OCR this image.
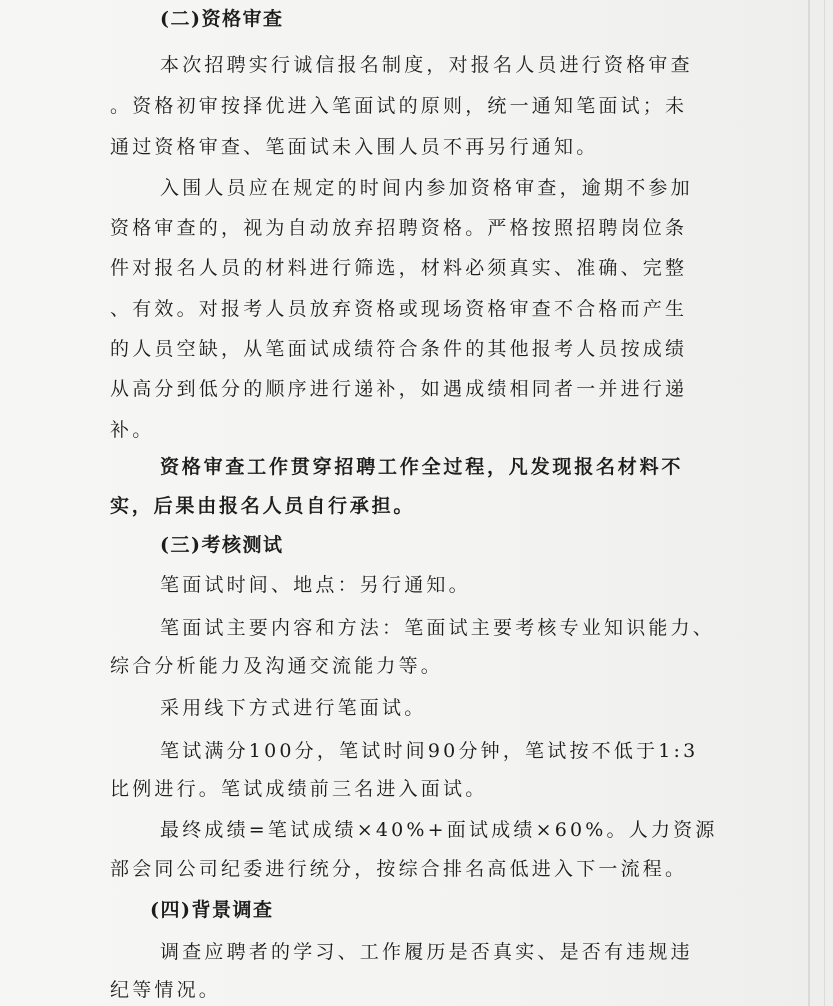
(二)资格审查
本次招聘实行诚信报名制度，对报名人员进行资格审查
。资格初审按择优进入笔面试的原则，统一通知笔面试；未
通过资格审查、笔面试未入围人员不再另行通知。
入围人员应在规定的时间内参加资格审查，逾期不参加
资格审查的，视为自动放弃招聘资格。严格按照招聘岗位条
件对报名人员的材料进行筛选，材料必须真实、准确、完整
、有效。对报考人员放弃资格或现场资格审查不合格而产生
的人员空缺，从笔面试成绩符合条件的其他报考人员按成绩
从高分到低分的顺序进行递补，如遇成绩相同者一并进行递
补。
资格审查工作贯穿招聘工作全过程，凡发现报名材料不
实，后果由报名人员自行承担。
(三)考核测试
笔面试时间、地点：另行通知。
笔面试主要内容和方法：笔面试主要考核专业知识能力、
综合分析能力及沟通交流能力等。
采用线下方式进行笔面试。
笔试满分100分，笔试时间90分钟，笔试按不低于1:3
比例进行。笔试成绩前三名进入面试。
最终成绩=笔试成绩×40%+面试成绩×60%。人力资源
部会同公司纪委进行统分，按综合排名高低进入下一流程。
(四)背景调查
调查应聘者的学习、工作履历是否真实、是否有违规违
纪等情况。
